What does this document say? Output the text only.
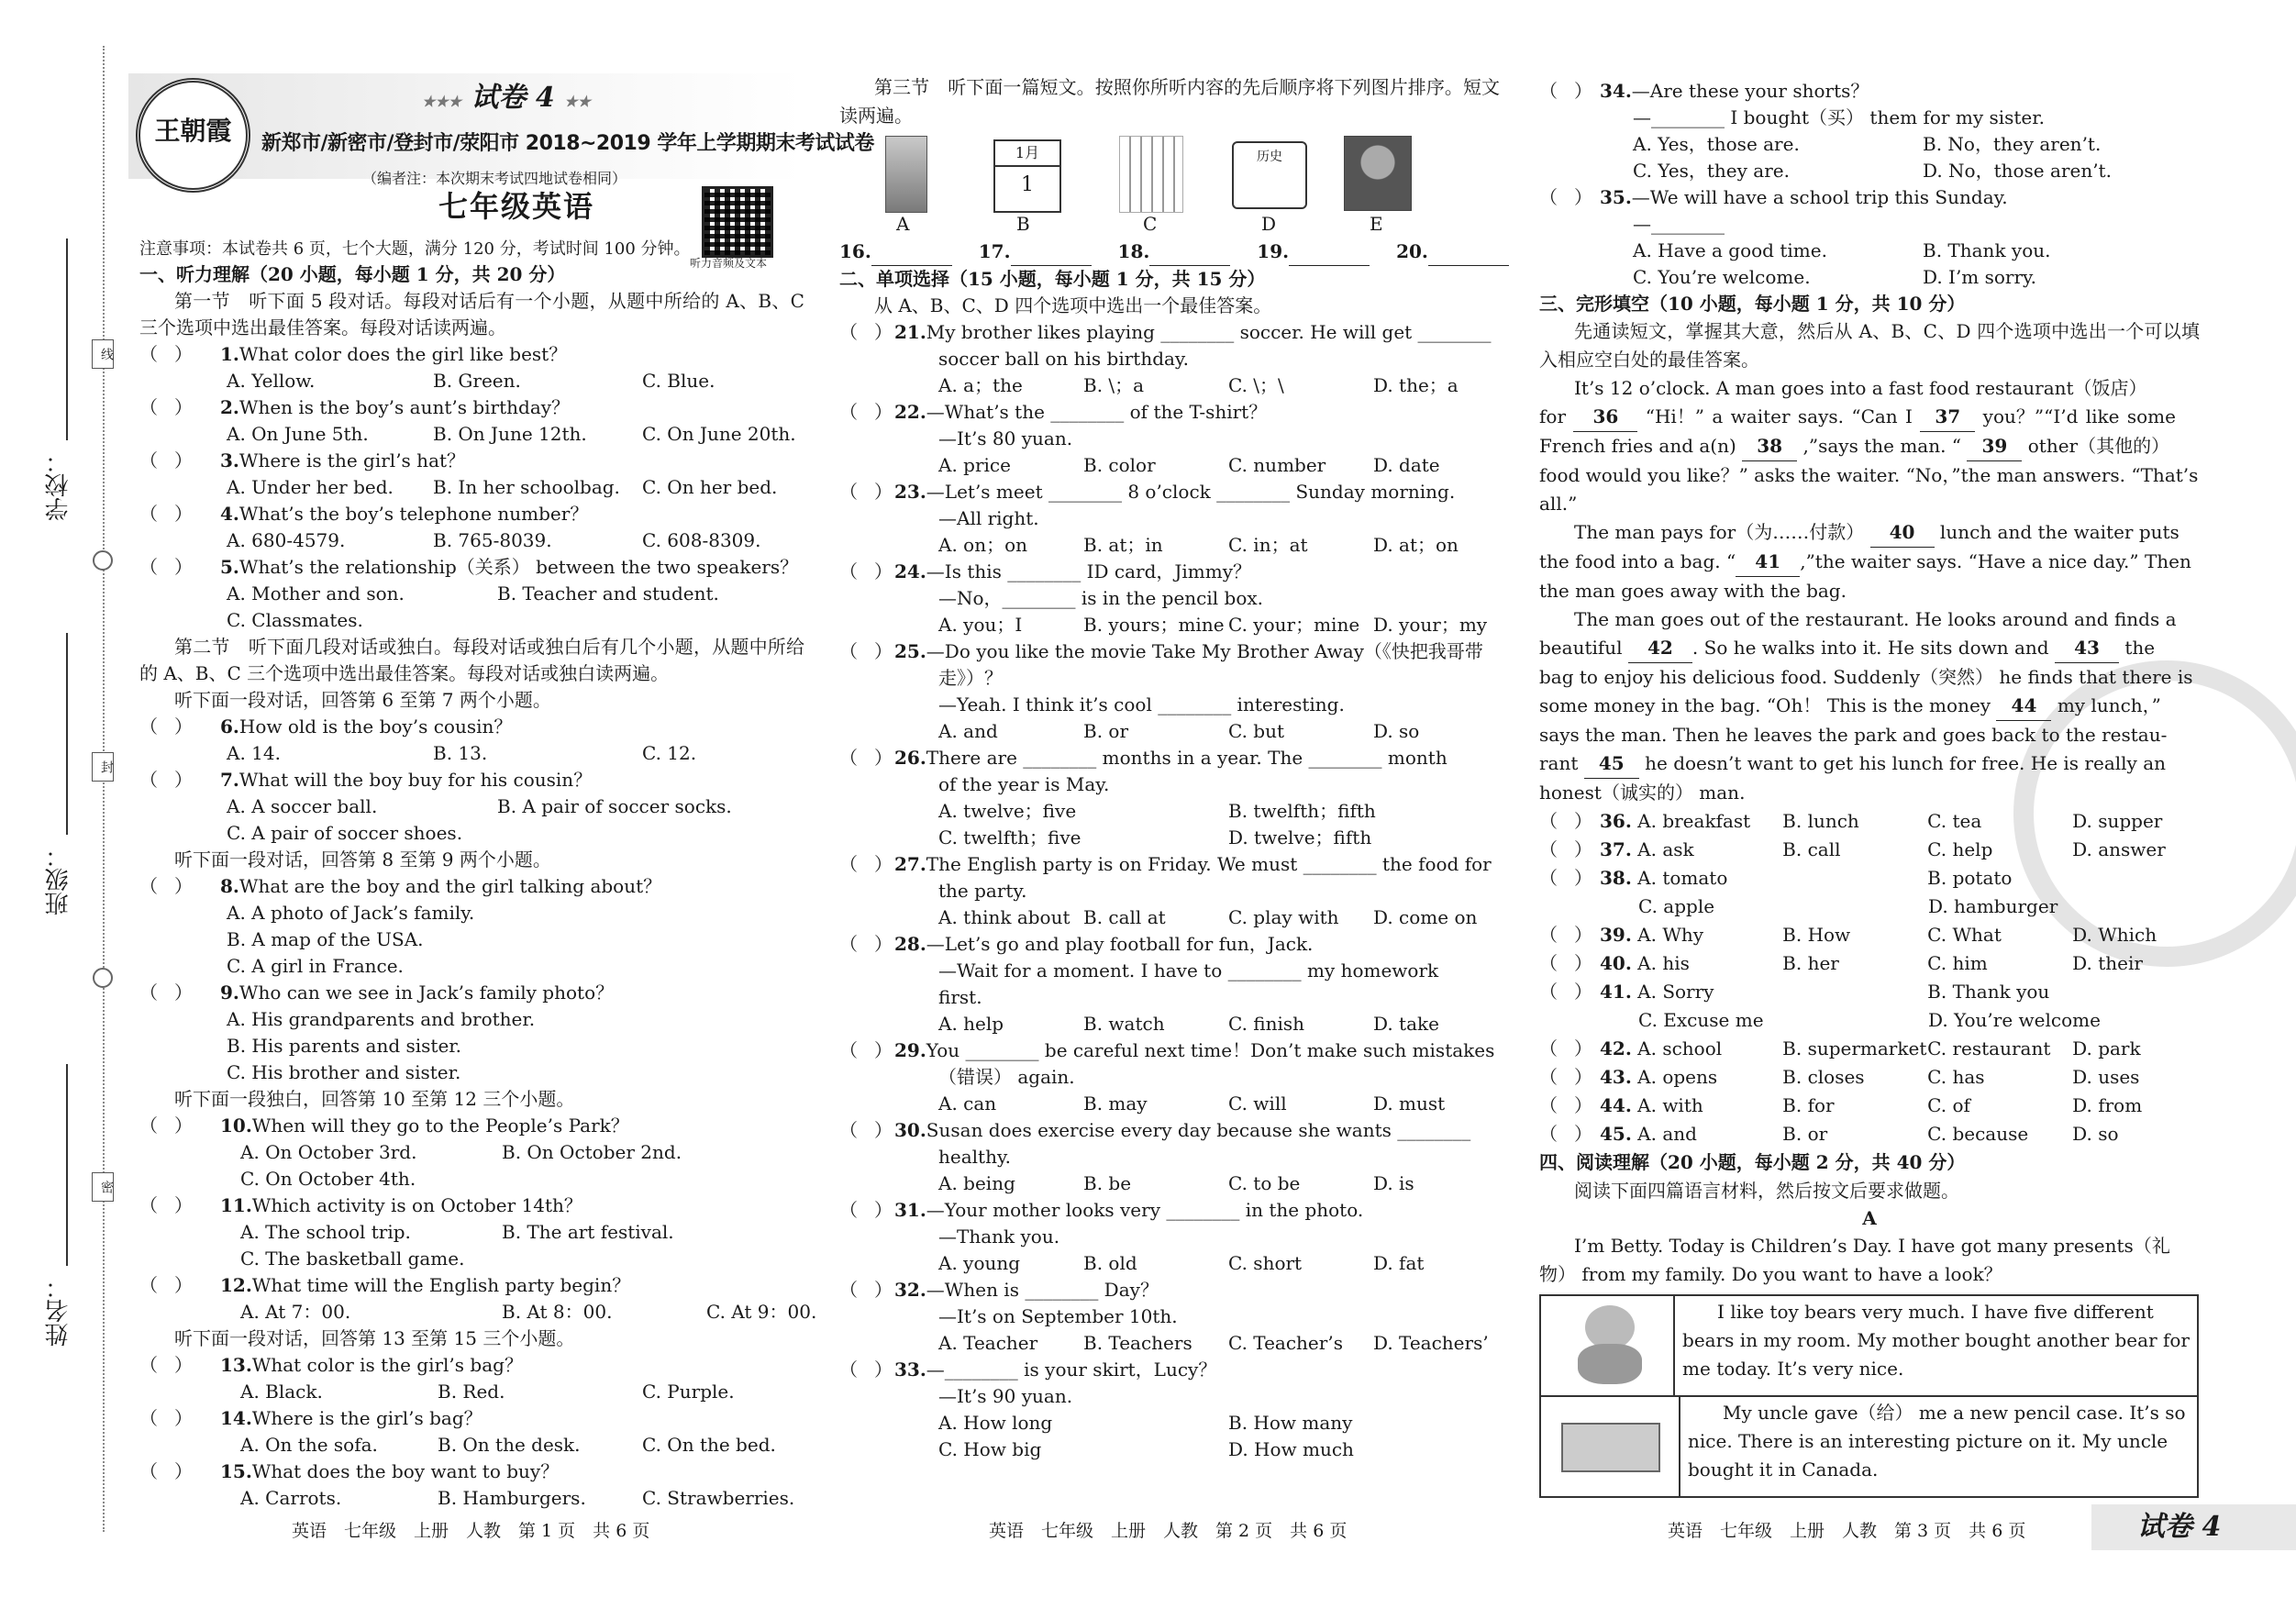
线
封
密
学校：
班级：
姓名：
王朝霞
★★★ 试卷 4 ★★
新郑市/新密市/登封市/荥阳市 2018~2019 学年上学期期末考试试卷
（编者注：本次期末考试四地试卷相同）
七年级英语
听力音频及文本
注意事项：本试卷共 6 页，七个大题，满分 120 分，考试时间 100 分钟。
一、听力理解（20 小题，每小题 1 分，共 20 分）
第一节　听下面 5 段对话。每段对话后有一个小题，从题中所给的 A、B、C 三个选项中选出最佳答案。每段对话读两遍。
（ ） 1.What color does the girl like best？
A. Yellow.	B. Green.	C. Blue.
（ ） 2.When is the boy’s aunt’s birthday？
A. On June 5th.	B. On June 12th.	C. On June 20th.
（ ） 3.Where is the girl’s hat？
A. Under her bed. B. In her schoolbag. C. On her bed.
（ ） 4.What’s the boy’s telephone number？
A. 680-4579.	B. 765-8039.	C. 608-8309.
（ ） 5.What’s the relationship（关系） between the two speakers？
A. Mother and son.	B. Teacher and student.
C. Classmates.
第二节　听下面几段对话或独白。每段对话或独白后有几个小题，从题中所给的 A、B、C 三个选项中选出最佳答案。每段对话或独白读两遍。
听下面一段对话，回答第 6 至第 7 两个小题。
（ ） 6.How old is the boy’s cousin？
A. 14.	B. 13.	C. 12.
（ ） 7.What will the boy buy for his cousin？
A. A soccer ball.	B. A pair of soccer socks.
C. A pair of soccer shoes.
听下面一段对话，回答第 8 至第 9 两个小题。
（ ） 8.What are the boy and the girl talking about？
A. A photo of Jack’s family.
B. A map of the USA.
C. A girl in France.
（ ） 9.Who can we see in Jack’s family photo？
A. His grandparents and brother.
B. His parents and sister.
C. His brother and sister.
听下面一段独白，回答第 10 至第 12 三个小题。
（ ） 10.When will they go to the People’s Park？
A. On October 3rd.	B. On October 2nd.
C. On October 4th.
（ ） 11.Which activity is on October 14th？
A. The school trip.	B. The art festival.
C. The basketball game.
（ ） 12.What time will the English party begin？
A. At 7：00.	B. At 8：00.	C. At 9：00.
听下面一段对话，回答第 13 至第 15 三个小题。
（ ） 13.What color is the girl’s bag？
A. Black.	B. Red.	C. Purple.
（ ） 14.Where is the girl’s bag？
A. On the sofa.	B. On the desk.	C. On the bed.
（ ） 15.What does the boy want to buy？
A. Carrots.	B. Hamburgers.	C. Strawberries.
第三节　听下面一篇短文。按照你所听内容的先后顺序将下列图片排序。短文读两遍。
1月
1
历史
A	B	C	D	E
16.	17.	18.	19.	20.
二、单项选择（15 小题，每小题 1 分，共 15 分）
从 A、B、C、D 四个选项中选出一个最佳答案。
（ ） 21.My brother likes playing ________ soccer. He will get ________
soccer ball on his birthday.
A. a；the	B. \；a	C. \；\	D. the；a
（ ） 22.—What’s the ________ of the T-shirt？
—It’s 80 yuan.
A. price	B. color	C. number	D. date
（ ） 23.—Let’s meet ________ 8 o’clock ________ Sunday morning.
—All right.
A. on；on	B. at；in	C. in；at	D. at；on
（ ） 24.—Is this ________ ID card，Jimmy？
—No，________ is in the pencil box.
A. you；I	B. yours；mine C. your；mine D. your；my
（ ） 25.—Do you like the movie Take My Brother Away（《快把我哥带
走》）？
—Yeah. I think it’s cool ________ interesting.
A. and	B. or	C. but	D. so
（ ） 26.There are ________ months in a year. The ________ month
of the year is May.
A. twelve；five	B. twelfth；fifth
C. twelfth；five	D. twelve；fifth
（ ） 27.The English party is on Friday. We must ________ the food for
the party.
A. think about B. call at	C. play with D. come on
（ ） 28.—Let’s go and play football for fun，Jack.
—Wait for a moment. I have to ________ my homework
first.
A. help	B. watch	C. finish	D. take
（ ） 29.You ________ be careful next time！Don’t make such mistakes
（错误） again.
A. can	B. may	C. will	D. must
（ ） 30.Susan does exercise every day because she wants ________
healthy.
A. being	B. be	C. to be	D. is
（ ） 31.—Your mother looks very ________ in the photo.
—Thank you.
A. young	B. old	C. short	D. fat
（ ） 32.—When is ________ Day？
—It’s on September 10th.
A. Teacher B. Teachers C. Teacher’s D. Teachers’
（ ） 33.—________ is your skirt，Lucy？
—It’s 90 yuan.
A. How long	B. How many
C. How big	D. How much
（ ） 34.—Are these your shorts？
—________ I bought（买） them for my sister.
A. Yes，those are.	B. No，they aren’t.
C. Yes，they are.	D. No，those aren’t.
（ ） 35.—We will have a school trip this Sunday.
—________
A. Have a good time.	B. Thank you.
C. You’re welcome.	D. I’m sorry.
三、完形填空（10 小题，每小题 1 分，共 10 分）
先通读短文，掌握其大意，然后从 A、B、C、D 四个选项中选出一个可以填入相应空白处的最佳答案。
It’s 12 o’clock. A man goes into a fast food restaurant（饭店）
for 36 “Hi！” a waiter says. “Can I 37 you？”“I’d like some
French fries and a(n) 38 ,”says the man. “ 39 other（其他的）
food would you like？” asks the waiter. “No，”the man answers. “That’s
all.”
The man pays for（为……付款） 40 lunch and the waiter puts
the food into a bag. “ 41 ,”the waiter says. “Have a nice day.” Then
the man goes away with the bag.
The man goes out of the restaurant. He looks around and finds a
beautiful 42 . So he walks into it. He sits down and 43 the
bag to enjoy his delicious food. Suddenly（突然） he finds that there is
some money in the bag. “Oh！ This is the money 44 my lunch，”
says the man. Then he leaves the park and goes back to the restau-
rant 45 he doesn’t want to get his lunch for free. He is really an
honest（诚实的） man.
（ ） 36. A. breakfast B. lunch	C. tea	D. supper
（ ） 37. A. ask	B. call	C. help	D. answer
（ ） 38. A. tomato	B. potato
C. apple	D. hamburger
（ ） 39. A. Why	B. How	C. What	D. Which
（ ） 40. A. his	B. her	C. him	D. their
（ ） 41. A. Sorry	B. Thank you
C. Excuse me	D. You’re welcome
（ ） 42. A. school	B. supermarketC. restaurant D. park
（ ） 43. A. opens	B. closes	C. has	D. uses
（ ） 44. A. with	B. for	C. of	D. from
（ ） 45. A. and	B. or	C. because D. so
四、阅读理解（20 小题，每小题 2 分，共 40 分）
阅读下面四篇语言材料，然后按文后要求做题。
A
I’m Betty. Today is Children’s Day. I have got many presents（礼
物） from my family. Do you want to have a look？
I like toy bears very much. I have five different
bears in my room. My mother bought another bear for
me today. It’s very nice.
My uncle gave（给） me a new pencil case. It’s so
nice. There is an interesting picture on it. My uncle
bought it in Canada.
英语　七年级　上册　人教　第 1 页　共 6 页	英语　七年级　上册　人教　第 2 页　共 6 页	英语　七年级　上册　人教　第 3 页　共 6 页	试卷 4
